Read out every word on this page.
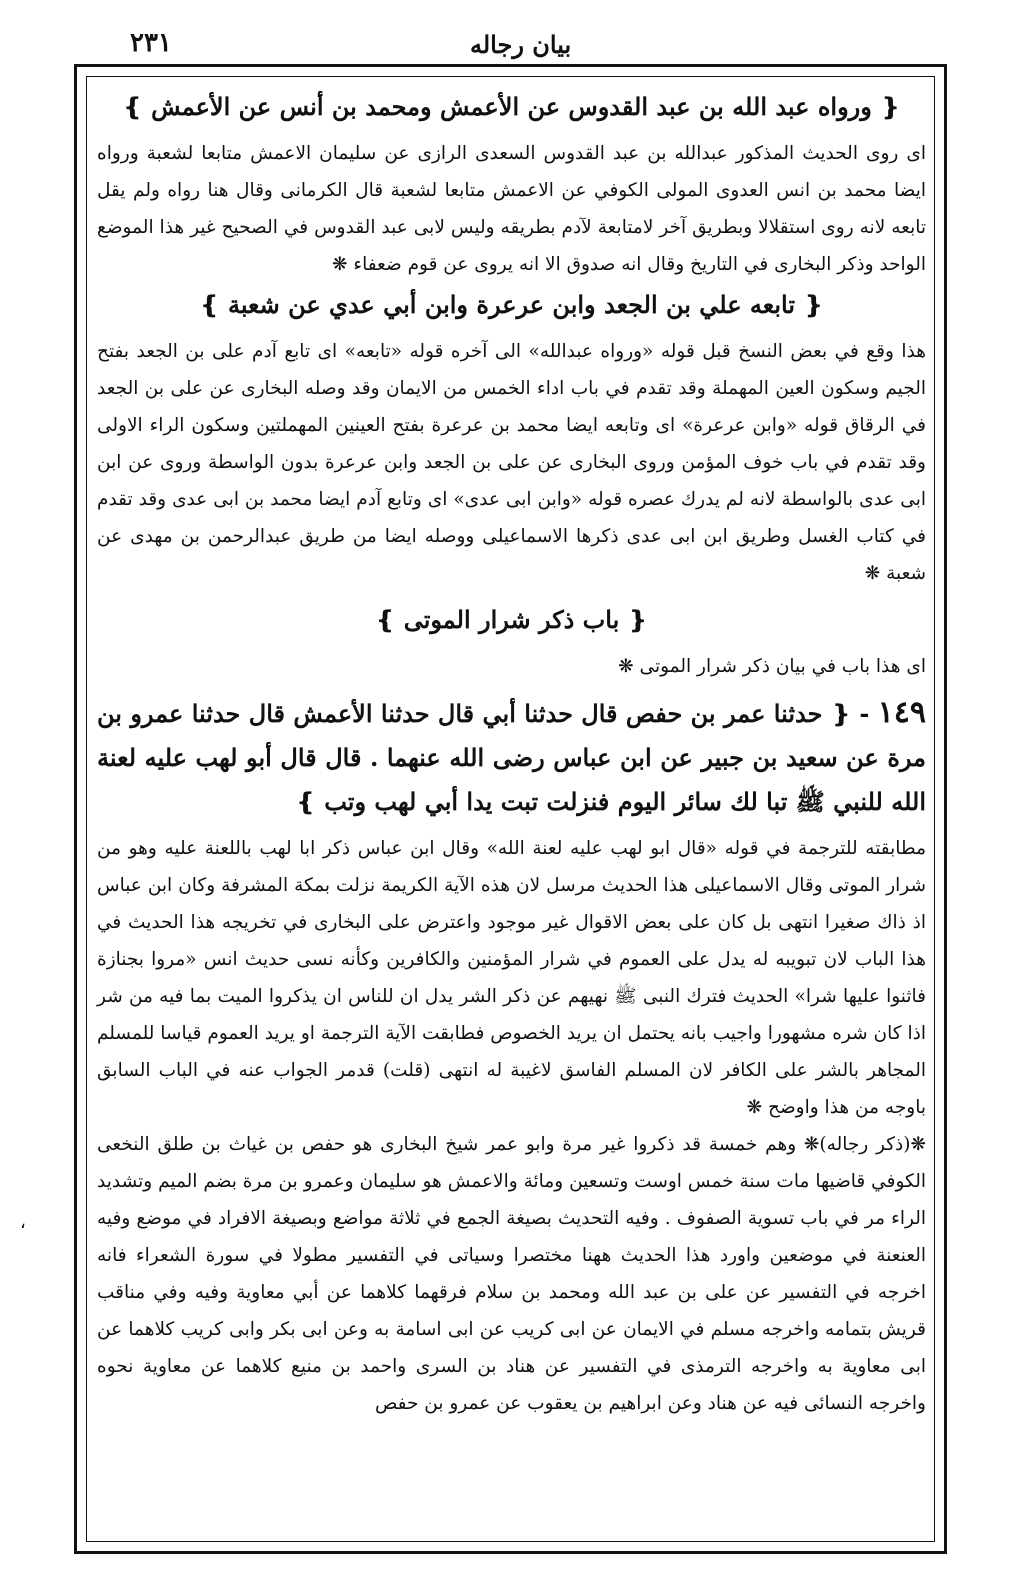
٢٣١	بيان رجاله

❴ ورواه عبد الله بن عبد القدوس عن الأعمش ومحمد بن أنس عن الأعمش ❵

اى روى الحديث المذكور عبدالله بن عبد القدوس السعدى الرازى عن سليمان الاعمش متابعا لشعبة ورواه ايضا محمد بن انس العدوى المولى الكوفي عن الاعمش متابعا لشعبة قال الكرمانى وقال هنا رواه ولم يقل تابعه لانه روى استقلالا وبطريق آخر لامتابعة لآدم بطريقه وليس لابى عبد القدوس في الصحيح غير هذا الموضع الواحد وذكر البخارى في التاريخ وقال انه صدوق الا انه يروى عن قوم ضعفاء ❋

❴ تابعه علي بن الجعد وابن عرعرة وابن أبي عدي عن شعبة ❵

هذا وقع في بعض النسخ قبل قوله «ورواه عبدالله» الى آخره قوله «تابعه» اى تابع آدم على بن الجعد بفتح الجيم وسكون العين المهملة وقد تقدم في باب اداء الخمس من الايمان وقد وصله البخارى عن على بن الجعد في الرقاق قوله «وابن عرعرة» اى وتابعه ايضا محمد بن عرعرة بفتح العينين المهملتين وسكون الراء الاولى وقد تقدم في باب خوف المؤمن وروى البخارى عن على بن الجعد وابن عرعرة بدون الواسطة وروى عن ابن ابى عدى بالواسطة لانه لم يدرك عصره قوله «وابن ابى عدى» اى وتابع آدم ايضا محمد بن ابى عدى وقد تقدم في كتاب الغسل وطريق ابن ابى عدى ذكرها الاسماعيلى ووصله ايضا من طريق عبدالرحمن بن مهدى عن شعبة ❋

❴ باب ذكر شرار الموتى ❵

اى هذا باب في بيان ذكر شرار الموتى ❋

١٤٩ - ❴ حدثنا عمر بن حفص قال حدثنا أبي قال حدثنا الأعمش قال حدثنا عمرو بن مرة عن سعيد بن جبير عن ابن عباس رضى الله عنهما . قال قال أبو لهب عليه لعنة الله للنبي ﷺ تبا لك سائر اليوم فنزلت تبت يدا أبي لهب وتب ❵

مطابقته للترجمة في قوله «قال ابو لهب عليه لعنة الله» وقال ابن عباس ذكر ابا لهب باللعنة عليه وهو من شرار الموتى وقال الاسماعيلى هذا الحديث مرسل لان هذه الآية الكريمة نزلت بمكة المشرفة وكان ابن عباس اذ ذاك صغيرا انتهى بل كان على بعض الاقوال غير موجود واعترض على البخارى في تخريجه هذا الحديث في هذا الباب لان تبويبه له يدل على العموم في شرار المؤمنين والكافرين وكأنه نسى حديث انس «مروا بجنازة فاثنوا عليها شرا» الحديث فترك النبى ﷺ نهيهم عن ذكر الشر يدل ان للناس ان يذكروا الميت بما فيه من شر اذا كان شره مشهورا واجيب بانه يحتمل ان يريد الخصوص فطابقت الآية الترجمة او يريد العموم قياسا للمسلم المجاهر بالشر على الكافر لان المسلم الفاسق لاغيبة له انتهى (قلت) قدمر الجواب عنه في الباب السابق باوجه من هذا واوضح ❋

❋(ذكر رجاله)❋ وهم خمسة قد ذكروا غير مرة وابو عمر شيخ البخارى هو حفص بن غياث بن طلق النخعى الكوفي قاضيها مات سنة خمس اوست وتسعين ومائة والاعمش هو سليمان وعمرو بن مرة بضم الميم وتشديد الراء مر في باب تسوية الصفوف . وفيه التحديث بصيغة الجمع في ثلاثة مواضع وبصيغة الافراد في موضع وفيه العنعنة في موضعين واورد هذا الحديث ههنا مختصرا وسياتى في التفسير مطولا في سورة الشعراء فانه اخرجه في التفسير عن على بن عبد الله ومحمد بن سلام فرقهما كلاهما عن أبي معاوية وفيه وفي مناقب قريش بتمامه واخرجه مسلم في الايمان عن ابى كريب عن ابى اسامة به وعن ابى بكر وابى كريب كلاهما عن ابى معاوية به واخرجه الترمذى في التفسير عن هناد بن السرى واحمد بن منيع كلاهما عن معاوية نحوه واخرجه النسائى فيه عن هناد وعن ابراهيم بن يعقوب عن عمرو بن حفص

،
